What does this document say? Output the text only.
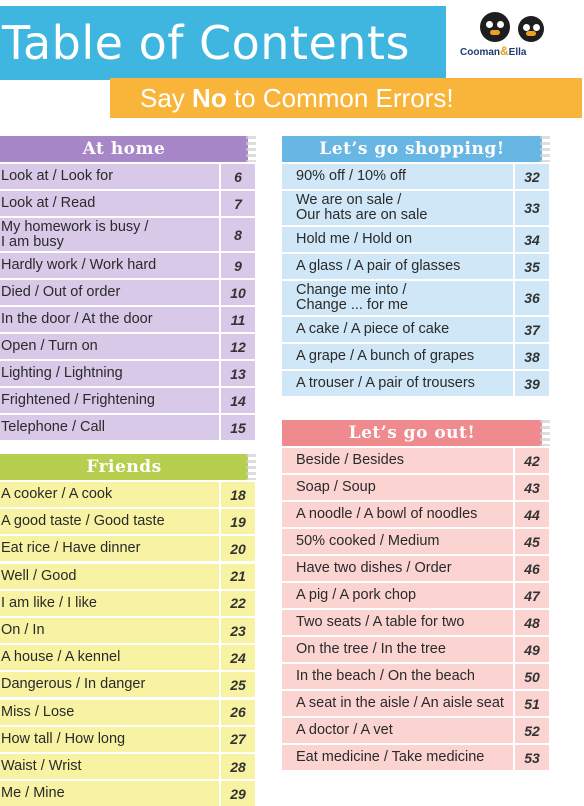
Table of Contents
Say No to Common Errors!
Cooman&Ella
At home
Look at / Look for	6
Look at / Read	7
My homework is busy /
I am busy	8
Hardly work / Work hard	9
Died / Out of order	10
In the door / At the door	11
Open / Turn on	12
Lighting / Lightning	13
Frightened / Frightening	14
Telephone / Call	15
Friends
A cooker / A cook	18
A good taste / Good taste	19
Eat rice / Have dinner	20
Well / Good	21
I am like / I like	22
On / In	23
A house / A kennel	24
Dangerous / In danger	25
Miss / Lose	26
How tall / How long	27
Waist / Wrist	28
Me / Mine	29
Let’s go shopping!
90% off / 10% off	32
We are on sale /
Our hats are on sale	33
Hold me / Hold on	34
A glass / A pair of glasses	35
Change me into /
Change ... for me	36
A cake / A piece of cake	37
A grape / A bunch of grapes	38
A trouser / A pair of trousers	39
Let’s go out!
Beside / Besides	42
Soap / Soup	43
A noodle / A bowl of noodles	44
50% cooked / Medium	45
Have two dishes / Order	46
A pig / A pork chop	47
Two seats / A table for two	48
On the tree / In the tree	49
In the beach / On the beach	50
A seat in the aisle / An aisle seat	51
A doctor / A vet	52
Eat medicine / Take medicine	53
